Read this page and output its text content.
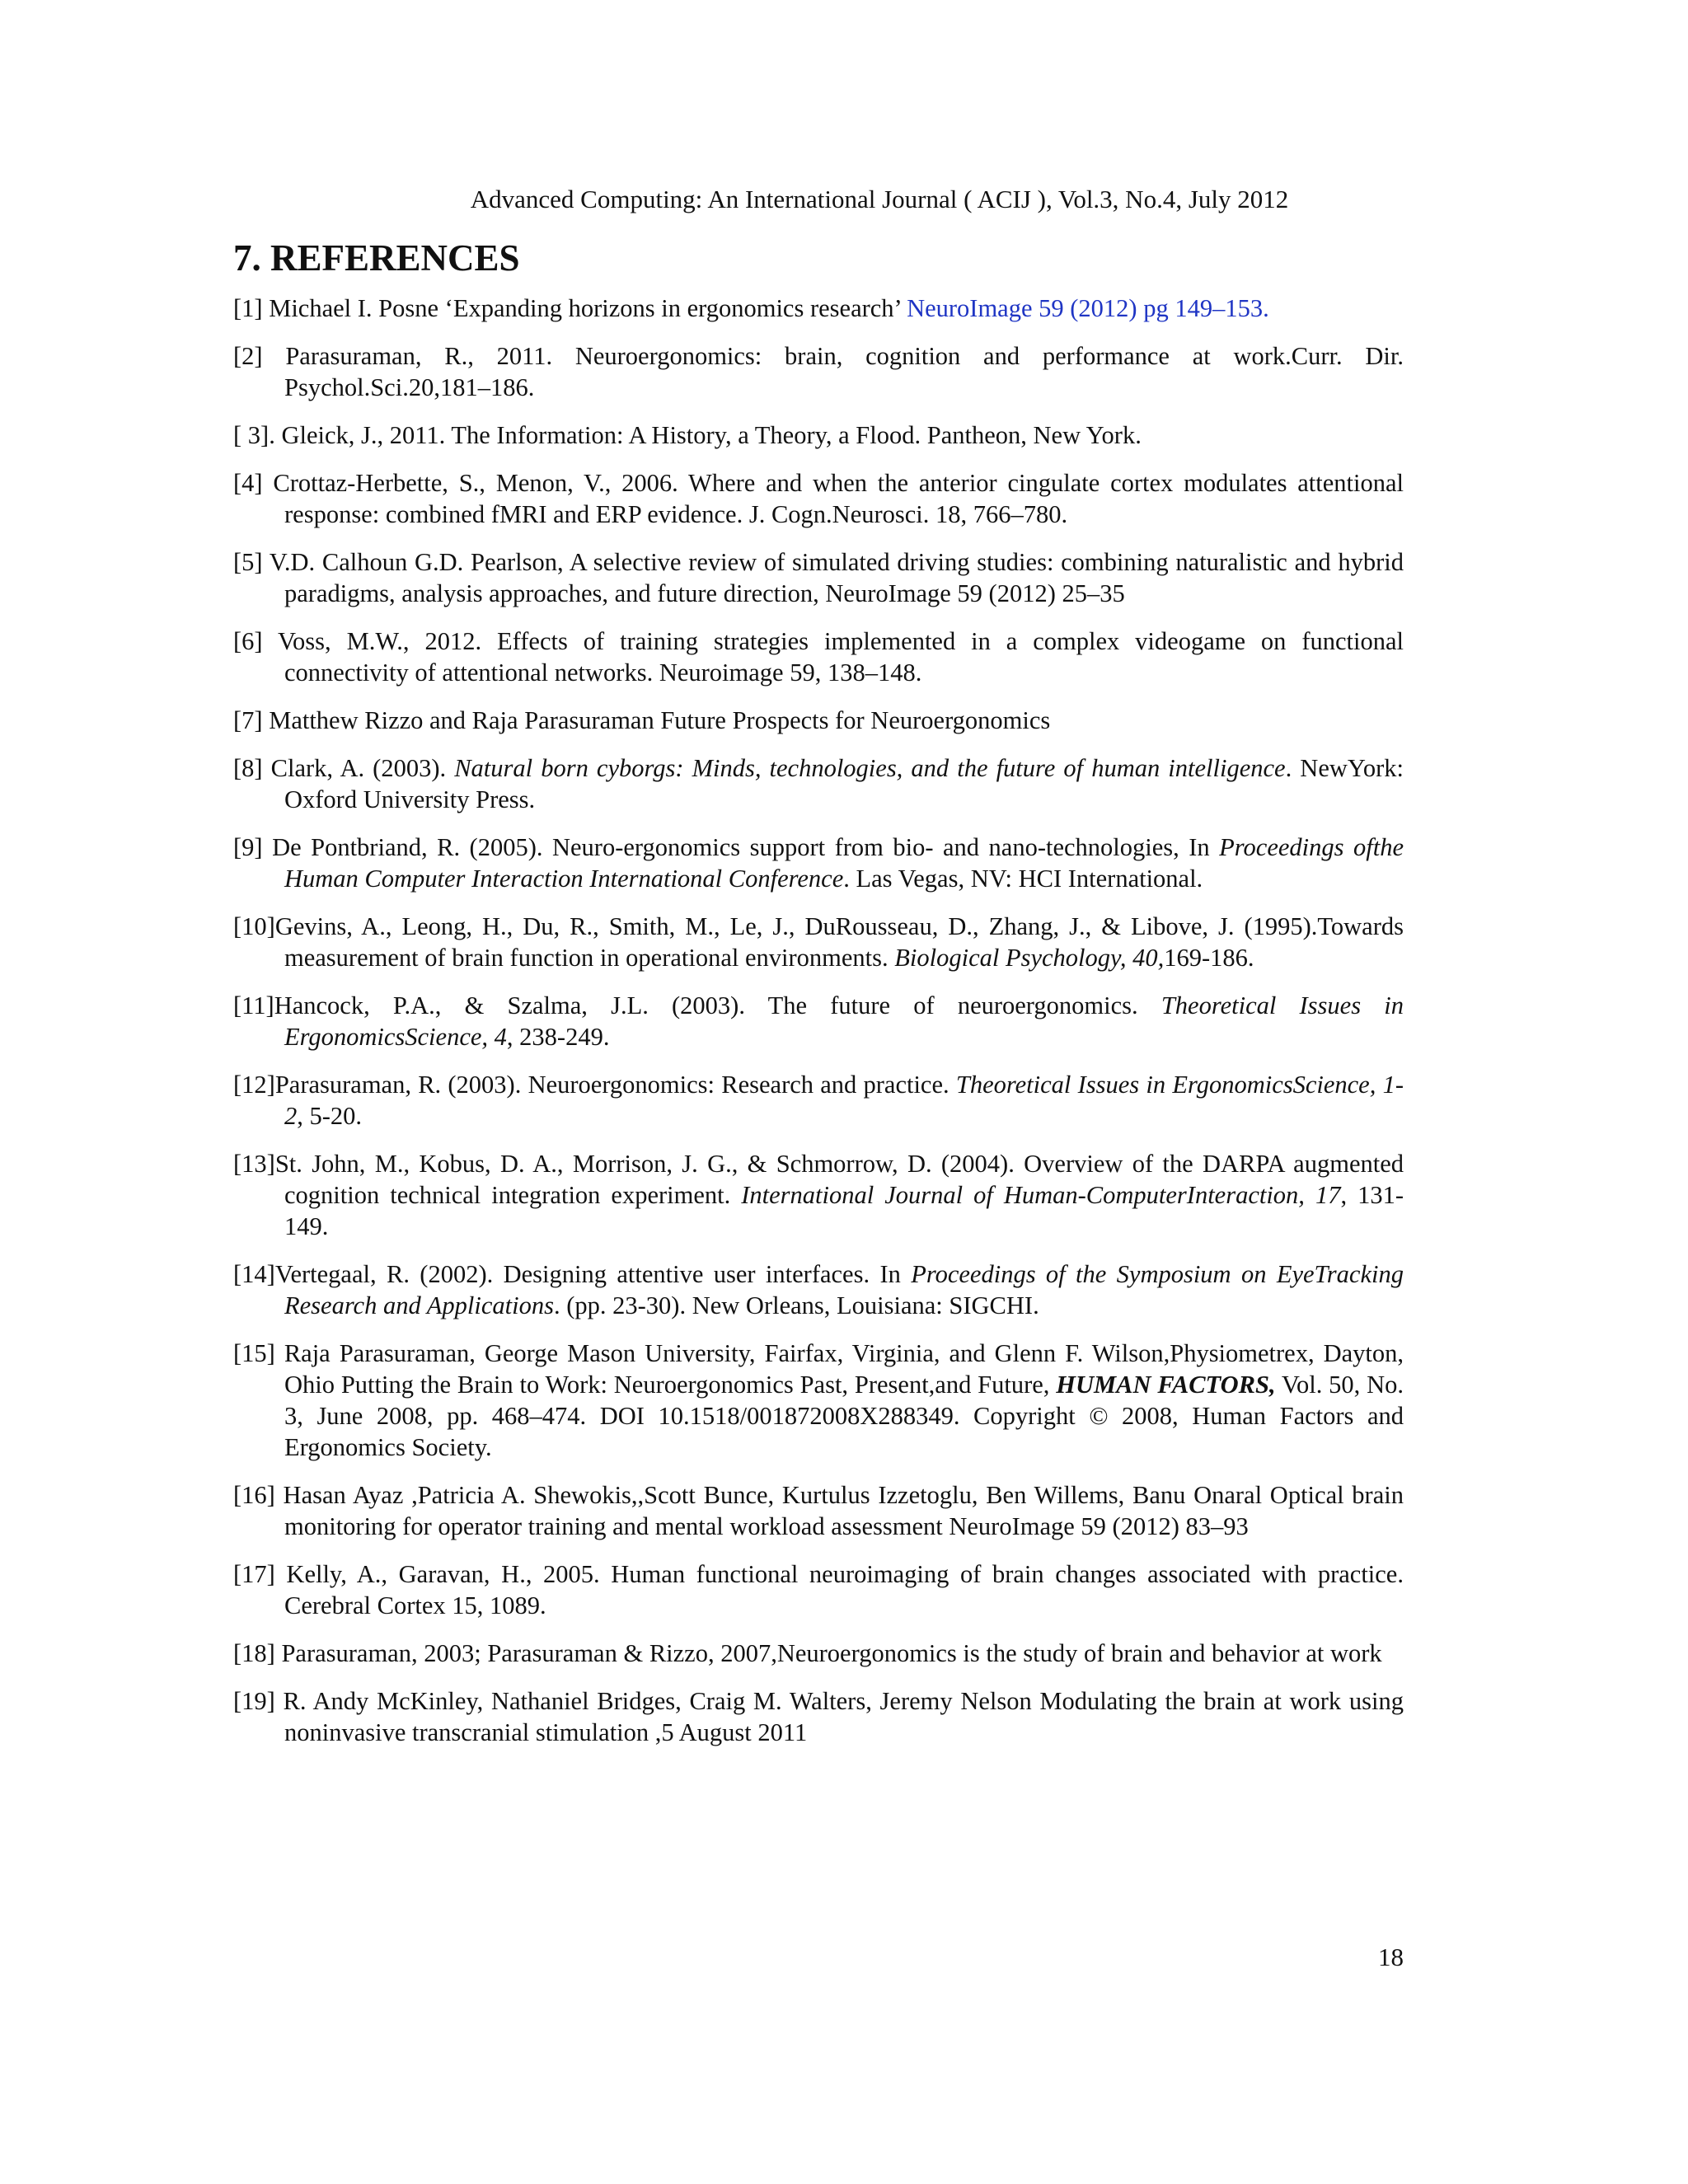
Advanced Computing: An International Journal ( ACIJ ), Vol.3, No.4, July 2012
7. REFERENCES
[1] Michael I. Posne ‘Expanding horizons in ergonomics research’ NeuroImage 59 (2012) pg 149–153.
[2] Parasuraman, R., 2011. Neuroergonomics: brain, cognition and performance at work.Curr. Dir. Psychol.Sci.20,181–186.
[ 3]. Gleick, J., 2011. The Information: A History, a Theory, a Flood. Pantheon, New York.
[4] Crottaz-Herbette, S., Menon, V., 2006. Where and when the anterior cingulate cortex modulates attentional response: combined fMRI and ERP evidence. J. Cogn.Neurosci. 18, 766–780.
[5] V.D. Calhoun G.D. Pearlson, A selective review of simulated driving studies: combining naturalistic and hybrid paradigms, analysis approaches, and future direction, NeuroImage 59 (2012) 25–35
[6] Voss, M.W., 2012. Effects of training strategies implemented in a complex videogame on functional connectivity of attentional networks. Neuroimage 59, 138–148.
[7] Matthew Rizzo and Raja Parasuraman Future Prospects for Neuroergonomics
[8] Clark, A. (2003). Natural born cyborgs: Minds, technologies, and the future of human intelligence. NewYork: Oxford University Press.
[9] De Pontbriand, R. (2005). Neuro-ergonomics support from bio- and nano-technologies, In Proceedings ofthe Human Computer Interaction International Conference. Las Vegas, NV: HCI International.
[10]Gevins, A., Leong, H., Du, R., Smith, M., Le, J., DuRousseau, D., Zhang, J., & Libove, J. (1995).Towards measurement of brain function in operational environments. Biological Psychology, 40,169-186.
[11]Hancock, P.A., & Szalma, J.L. (2003). The future of neuroergonomics. Theoretical Issues in ErgonomicsScience, 4, 238-249.
[12]Parasuraman, R. (2003). Neuroergonomics: Research and practice. Theoretical Issues in ErgonomicsScience, 1-2, 5-20.
[13]St. John, M., Kobus, D. A., Morrison, J. G., & Schmorrow, D. (2004). Overview of the DARPA augmented cognition technical integration experiment. International Journal of Human-ComputerInteraction, 17, 131-149.
[14]Vertegaal, R. (2002). Designing attentive user interfaces. In Proceedings of the Symposium on EyeTracking Research and Applications. (pp. 23-30). New Orleans, Louisiana: SIGCHI.
[15] Raja Parasuraman, George Mason University, Fairfax, Virginia, and Glenn F. Wilson,Physiometrex, Dayton, Ohio Putting the Brain to Work: Neuroergonomics Past, Present,and Future, HUMAN FACTORS, Vol. 50, No. 3, June 2008, pp. 468–474. DOI 10.1518/001872008X288349. Copyright © 2008, Human Factors and Ergonomics Society.
[16] Hasan Ayaz ,Patricia A. Shewokis,,Scott Bunce, Kurtulus Izzetoglu, Ben Willems, Banu Onaral Optical brain monitoring for operator training and mental workload assessment NeuroImage 59 (2012) 83–93
[17] Kelly, A., Garavan, H., 2005. Human functional neuroimaging of brain changes associated with practice. Cerebral Cortex 15, 1089.
[18] Parasuraman, 2003; Parasuraman & Rizzo, 2007,Neuroergonomics is the study of brain and behavior at work
[19] R. Andy McKinley, Nathaniel Bridges, Craig M. Walters, Jeremy Nelson Modulating the brain at work using noninvasive transcranial stimulation ,5 August 2011
18
